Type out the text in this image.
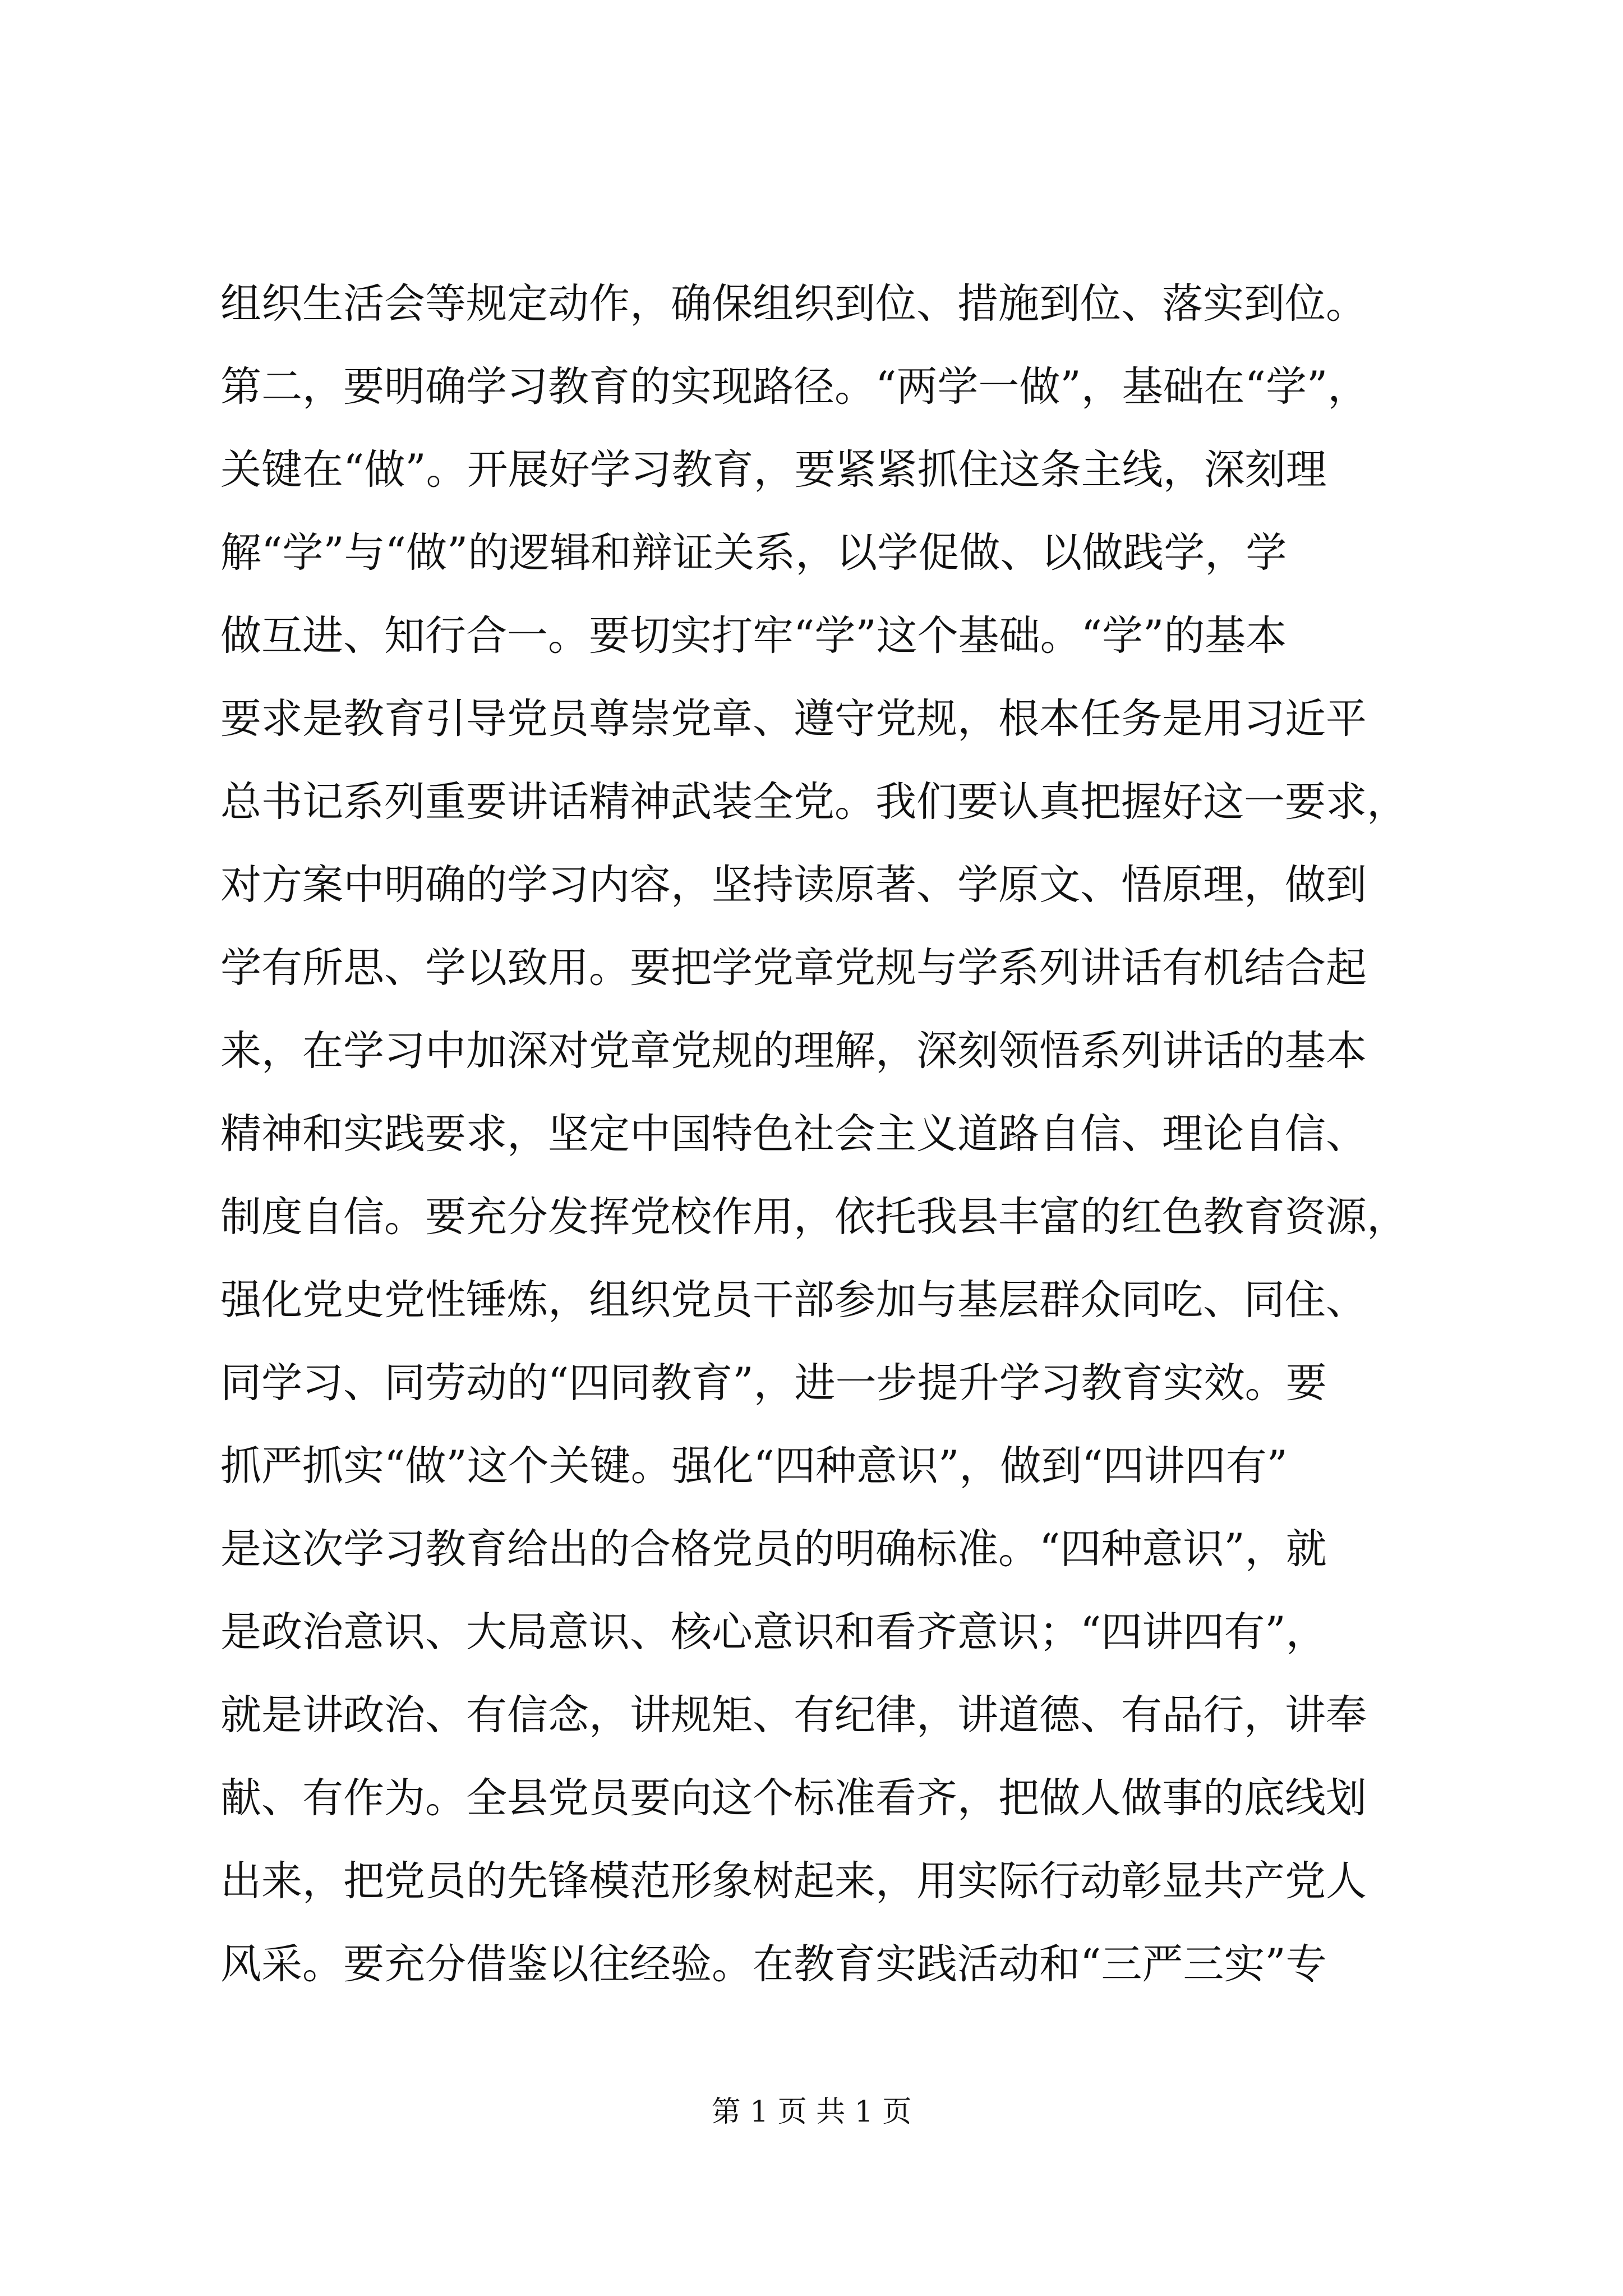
组织生活会等规定动作，确保组织到位、措施到位、落实到位。
第二，要明确学习教育的实现路径。“两学一做”，基础在“学”，
关键在“做”。开展好学习教育，要紧紧抓住这条主线，深刻理
解“学”与“做”的逻辑和辩证关系，以学促做、以做践学，学
做互进、知行合一。要切实打牢“学”这个基础。“学”的基本
要求是教育引导党员尊崇党章、遵守党规，根本任务是用习近平
总书记系列重要讲话精神武装全党。我们要认真把握好这一要求，
对方案中明确的学习内容，坚持读原著、学原文、悟原理，做到
学有所思、学以致用。要把学党章党规与学系列讲话有机结合起
来，在学习中加深对党章党规的理解，深刻领悟系列讲话的基本
精神和实践要求，坚定中国特色社会主义道路自信、理论自信、
制度自信。要充分发挥党校作用，依托我县丰富的红色教育资源，
强化党史党性锤炼，组织党员干部参加与基层群众同吃、同住、
同学习、同劳动的“四同教育”，进一步提升学习教育实效。要
抓严抓实“做”这个关键。强化“四种意识”，做到“四讲四有”
是这次学习教育给出的合格党员的明确标准。“四种意识”，就
是政治意识、大局意识、核心意识和看齐意识；“四讲四有”，
就是讲政治、有信念，讲规矩、有纪律，讲道德、有品行，讲奉
献、有作为。全县党员要向这个标准看齐，把做人做事的底线划
出来，把党员的先锋模范形象树起来，用实际行动彰显共产党人
风采。要充分借鉴以往经验。在教育实践活动和“三严三实”专
第 1 页 共 1 页
